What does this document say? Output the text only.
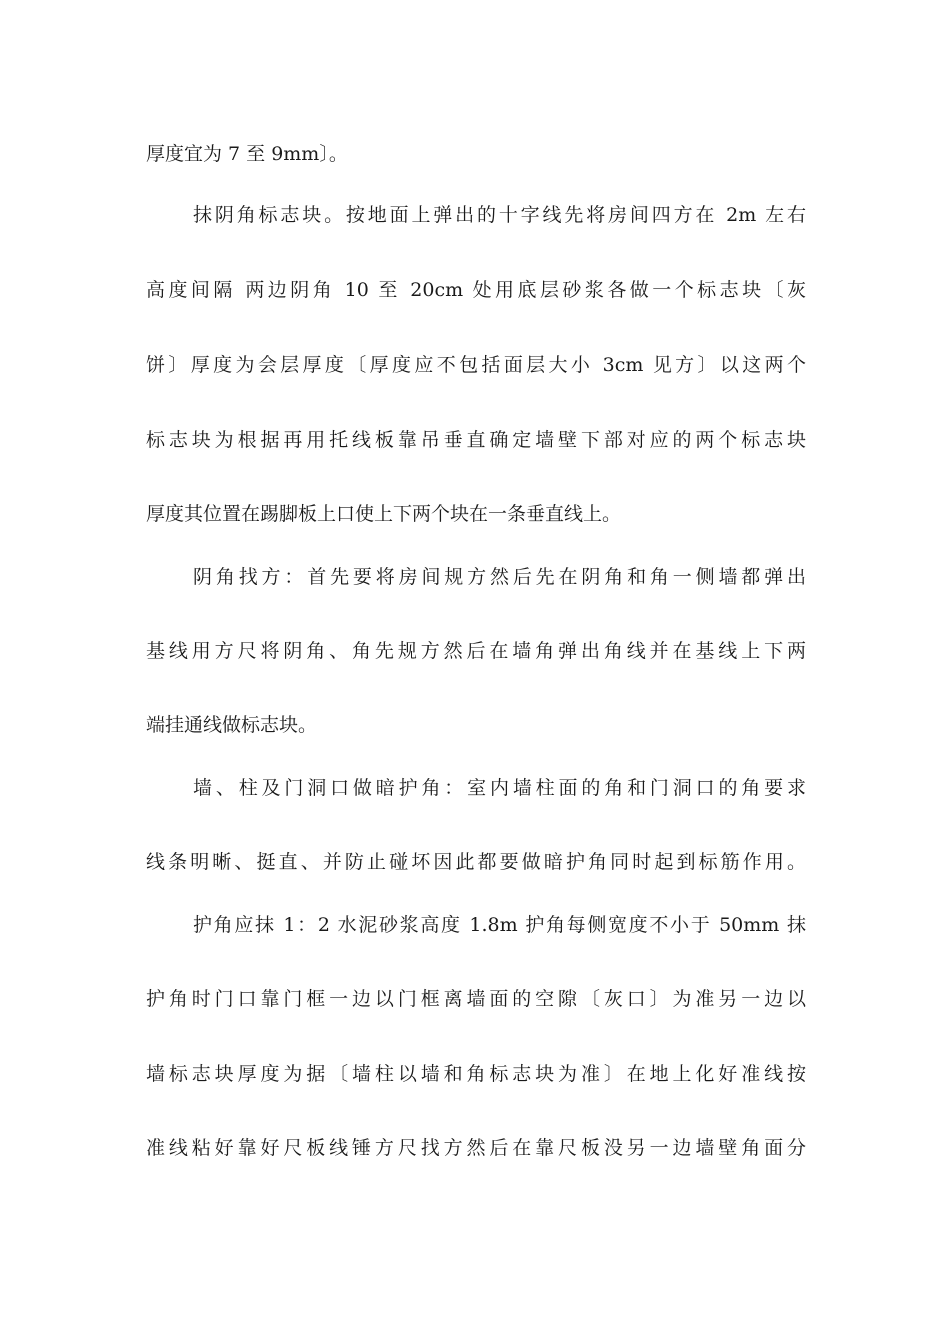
厚度宜为 7 至 9mm〕。
抹阴角标志块。按地面上弹出的十字线先将房间四方在 2m 左右
高度间隔 两边阴角 10 至 20cm 处用底层砂浆各做一个标志块〔灰
饼〕厚度为会层厚度〔厚度应不包括面层大小 3cm 见方〕以这两个
标志块为根据再用托线板靠吊垂直确定墙壁下部对应的两个标志块
厚度其位置在踢脚板上口使上下两个块在一条垂直线上。
阴角找方：首先要将房间规方然后先在阴角和角一侧墙都弹出
基线用方尺将阴角、角先规方然后在墙角弹出角线并在基线上下两
端挂通线做标志块。
墙、柱及门洞口做暗护角：室内墙柱面的角和门洞口的角要求
线条明晰、挺直、并防止碰坏因此都要做暗护角同时起到标筋作用。
护角应抹 1：2 水泥砂浆高度 1.8m 护角每侧宽度不小于 50mm 抹
护角时门口靠门框一边以门框离墙面的空隙〔灰口〕为准另一边以
墙标志块厚度为据〔墙柱以墙和角标志块为准〕在地上化好准线按
准线粘好靠好尺板线锤方尺找方然后在靠尺板没另一边墙壁角面分
